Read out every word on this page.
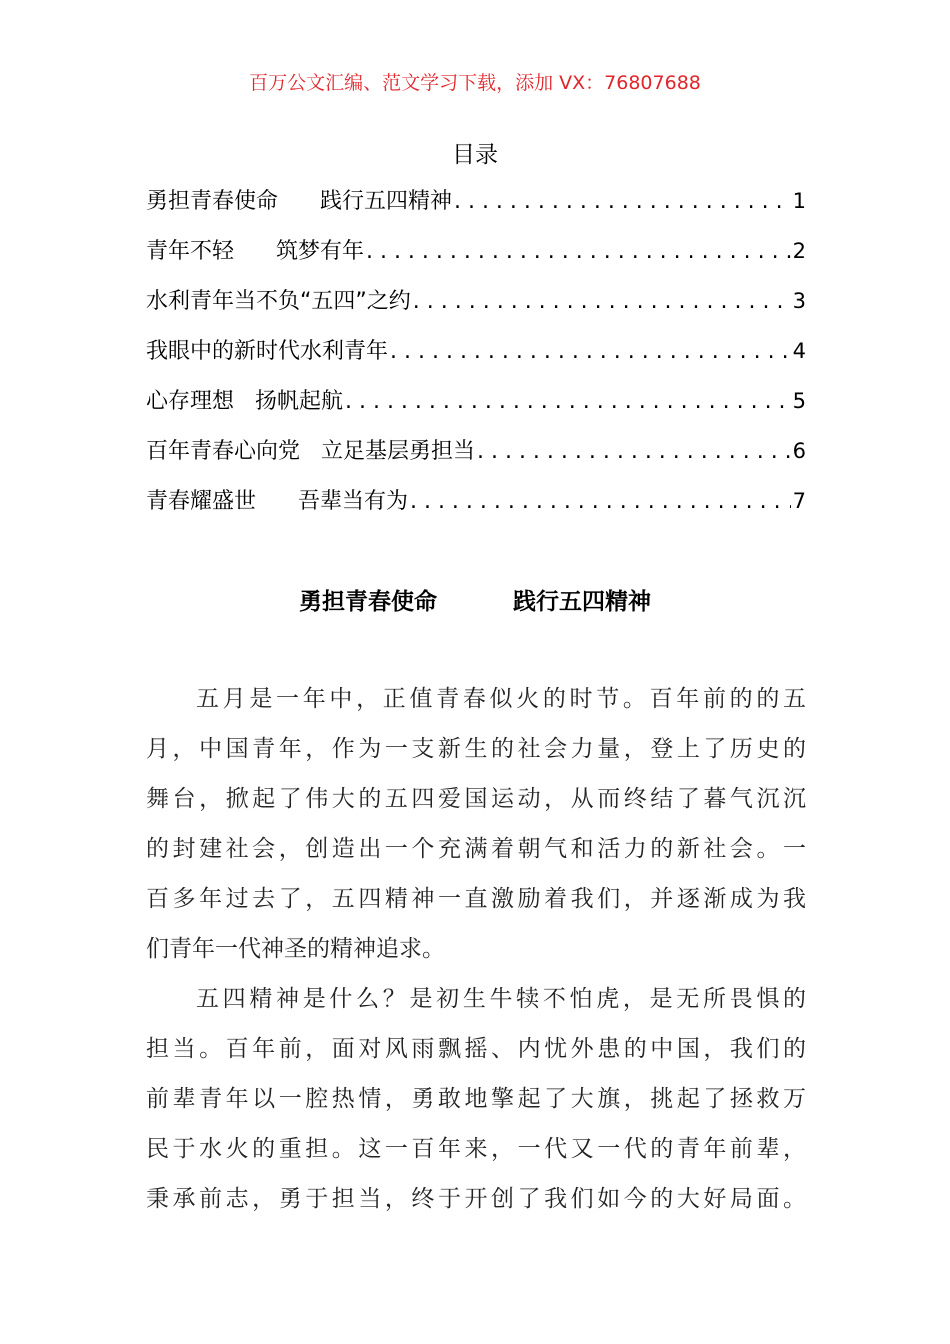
百万公文汇编、范文学习下载，添加 VX：76807688
目录
勇担青春使命      践行五四精神 . . .	1
青年不轻      筑梦有年 . . .	2
水利青年当不负“五四”之约 . . .	3
我眼中的新时代水利青年 . . .	4
心存理想   扬帆起航 . . .	5
百年青春心向党   立足基层勇担当 . . .	6
青春耀盛世      吾辈当有为 . . .	7
勇担青春使命	践行五四精神
五月是一年中，正值青春似火的时节。百年前的的五
月，中国青年，作为一支新生的社会力量，登上了历史的
舞台，掀起了伟大的五四爱国运动，从而终结了暮气沉沉
的封建社会，创造出一个充满着朝气和活力的新社会。一
百多年过去了，五四精神一直激励着我们，并逐渐成为我
们青年一代神圣的精神追求。
五四精神是什么？是初生牛犊不怕虎，是无所畏惧的
担当。百年前，面对风雨飘摇、内忧外患的中国，我们的
前辈青年以一腔热情，勇敢地擎起了大旗，挑起了拯救万
民于水火的重担。这一百年来，一代又一代的青年前辈，
秉承前志，勇于担当，终于开创了我们如今的大好局面。
